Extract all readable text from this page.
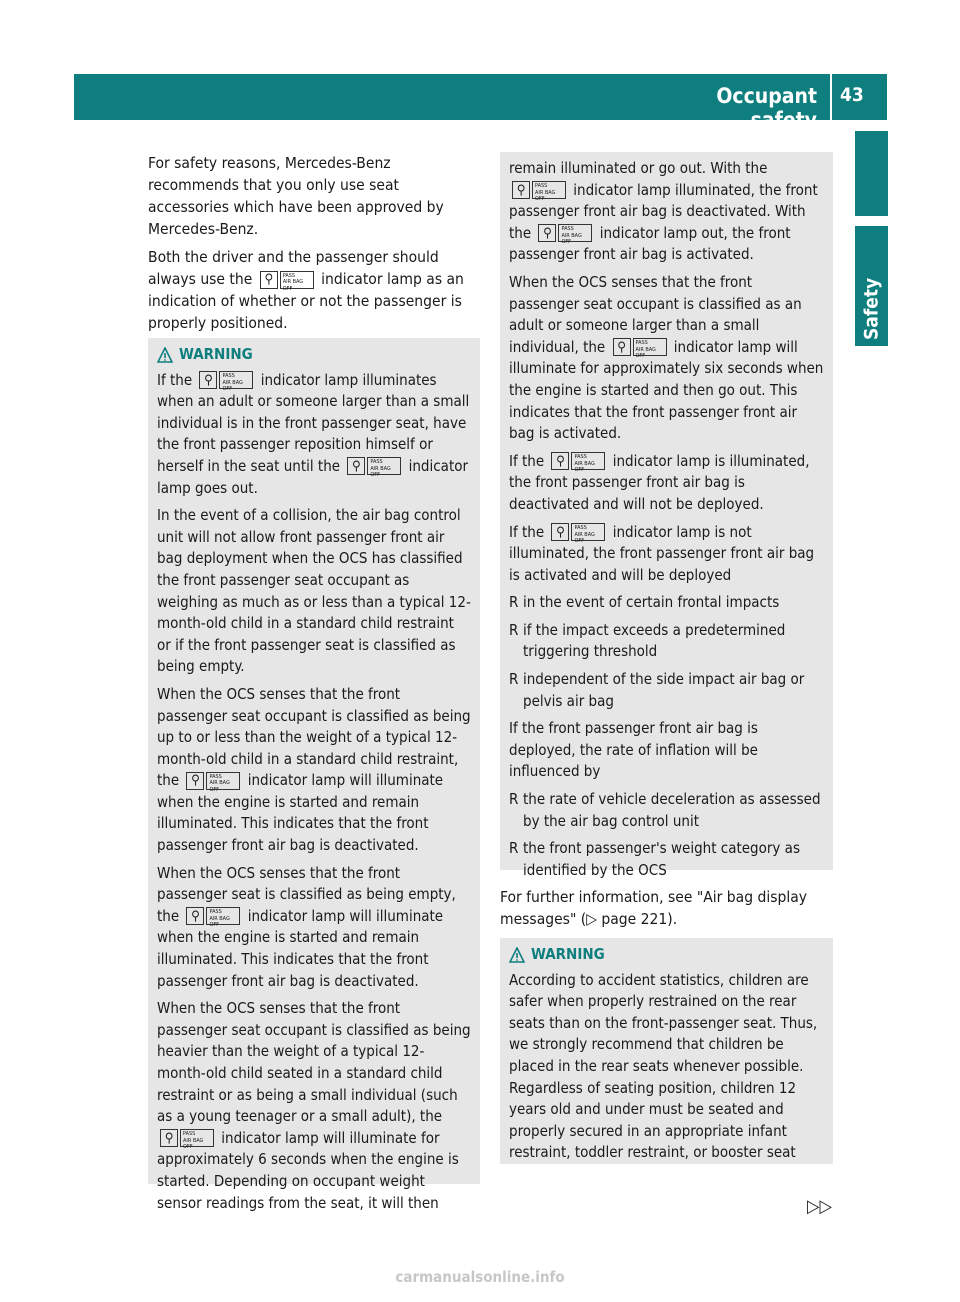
Occupant safety
43
Safety

For safety reasons, Mercedes-Benz recommends that you only use seat accessories which have been approved by Mercedes-Benz.

Both the driver and the passenger should always use the ⚲	PASS
AIR BAG OFF
indicator lamp as an indication of whether or not the passenger is properly positioned.

WARNING

If the ⚲	PASS
AIR BAG OFF
indicator lamp illuminates when an adult or someone larger than a small individual is in the front passenger seat, have the front passenger reposition himself or herself in the seat until the ⚲	PASS
AIR BAG OFF
indicator lamp goes out.

In the event of a collision, the air bag control unit will not allow front passenger front air bag deployment when the OCS has classified the front passenger seat occupant as weighing as much as or less than a typical 12-month-old child in a standard child restraint or if the front passenger seat is classified as being empty.

When the OCS senses that the front passenger seat occupant is classified as being up to or less than the weight of a typical 12-month-old child in a standard child restraint, the ⚲	PASS
AIR BAG OFF
indicator lamp will illuminate when the engine is started and remain illuminated. This indicates that the front passenger front air bag is deactivated.

When the OCS senses that the front passenger seat is classified as being empty, the ⚲	PASS
AIR BAG OFF
indicator lamp will illuminate when the engine is started and remain illuminated. This indicates that the front passenger front air bag is deactivated.

When the OCS senses that the front passenger seat occupant is classified as being heavier than the weight of a typical 12-month-old child seated in a standard child restraint or as being a small individual (such as a young teenager or a small adult), the
⚲	PASS
AIR BAG OFF
indicator lamp will illuminate for approximately 6 seconds when the engine is started. Depending on occupant weight sensor readings from the seat, it will then

remain illuminated or go out. With the
⚲	PASS
AIR BAG OFF
indicator lamp illuminated, the front passenger front air bag is deactivated. With the ⚲	PASS
AIR BAG OFF
indicator lamp out, the front passenger front air bag is activated.

When the OCS senses that the front passenger seat occupant is classified as an adult or someone larger than a small individual, the ⚲	PASS
AIR BAG OFF
indicator lamp will illuminate for approximately six seconds when the engine is started and then go out. This indicates that the front passenger front air bag is activated.

If the ⚲	PASS
AIR BAG OFF
indicator lamp is illuminated, the front passenger front air bag is deactivated and will not be deployed.

If the ⚲	PASS
AIR BAG OFF
indicator lamp is not illuminated, the front passenger front air bag is activated and will be deployed

R in the event of certain frontal impacts
R if the impact exceeds a predetermined triggering threshold
R independent of the side impact air bag or pelvis air bag

If the front passenger front air bag is deployed, the rate of inflation will be influenced by

R the rate of vehicle deceleration as assessed by the air bag control unit
R the front passenger's weight category as identified by the OCS

For further information, see "Air bag display messages" (▷ page 221).

WARNING

According to accident statistics, children are safer when properly restrained on the rear seats than on the front-passenger seat. Thus, we strongly recommend that children be placed in the rear seats whenever possible. Regardless of seating position, children 12 years old and under must be seated and properly secured in an appropriate infant restraint, toddler restraint, or booster seat

▷▷
carmanualsonline.info
